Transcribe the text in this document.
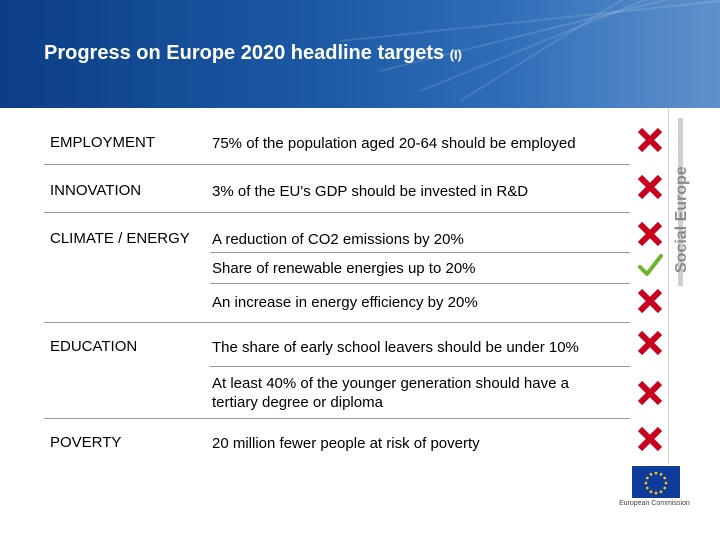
Progress on Europe 2020 headline targets (I)
EMPLOYMENT	75% of the population aged 20-64 should be employed
INNOVATION	3% of the EU's GDP should be invested in R&D
CLIMATE / ENERGY A reduction of CO2 emissions by 20%
Share of renewable energies up to 20%
An increase in energy efficiency by 20%
EDUCATION	The share of early school leavers should be under 10%
At least 40% of the younger generation should have a tertiary degree or diploma
POVERTY	20 million fewer people at risk of poverty
Social Europe
European Commission
